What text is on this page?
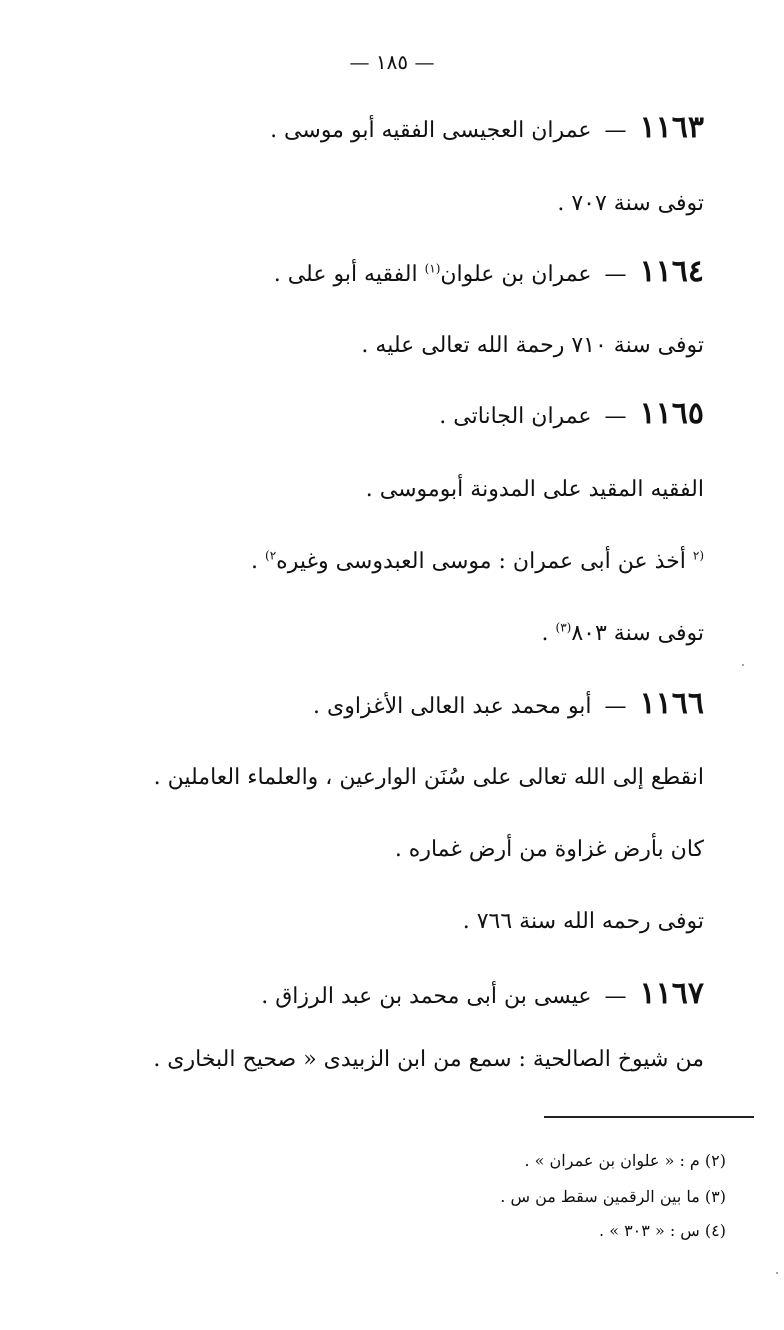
— ١٨٥ —
١١٦٣ — عمران العجيسى الفقيه أبو موسى .
توفى سنة ٧٠٧ .
١١٦٤ — عمران بن علوان$^{(١)}$ الفقيه أبو على .
توفى سنة ٧١٠ رحمة الله تعالى عليه .
١١٦٥ — عمران الجاناتى .
الفقيه المقيد على المدونة أبوموسى .
$^{(٢}$ أخذ عن أبى عمران : موسى العبدوسى وغيره$^{٢)}$ .
توفى سنة ٨٠٣$^{(٣)}$ .
١١٦٦ — أبو محمد عبد العالى الأغزاوى .
انقطع إلى الله تعالى على سُنَن الوارعين ، والعلماء العاملين .
كان بأرض غزاوة من أرض غماره .
توفى رحمه الله سنة ٧٦٦ .
١١٦٧ — عيسى بن أبى محمد بن عبد الرزاق .
من شيوخ الصالحية : سمع من ابن الزبيدى « صحيح البخارى .
(٢) م : « علوان بن عمران » .
(٣) ما بين الرقمين سقط من س .
(٤) س : « ٣٠٣ » .
